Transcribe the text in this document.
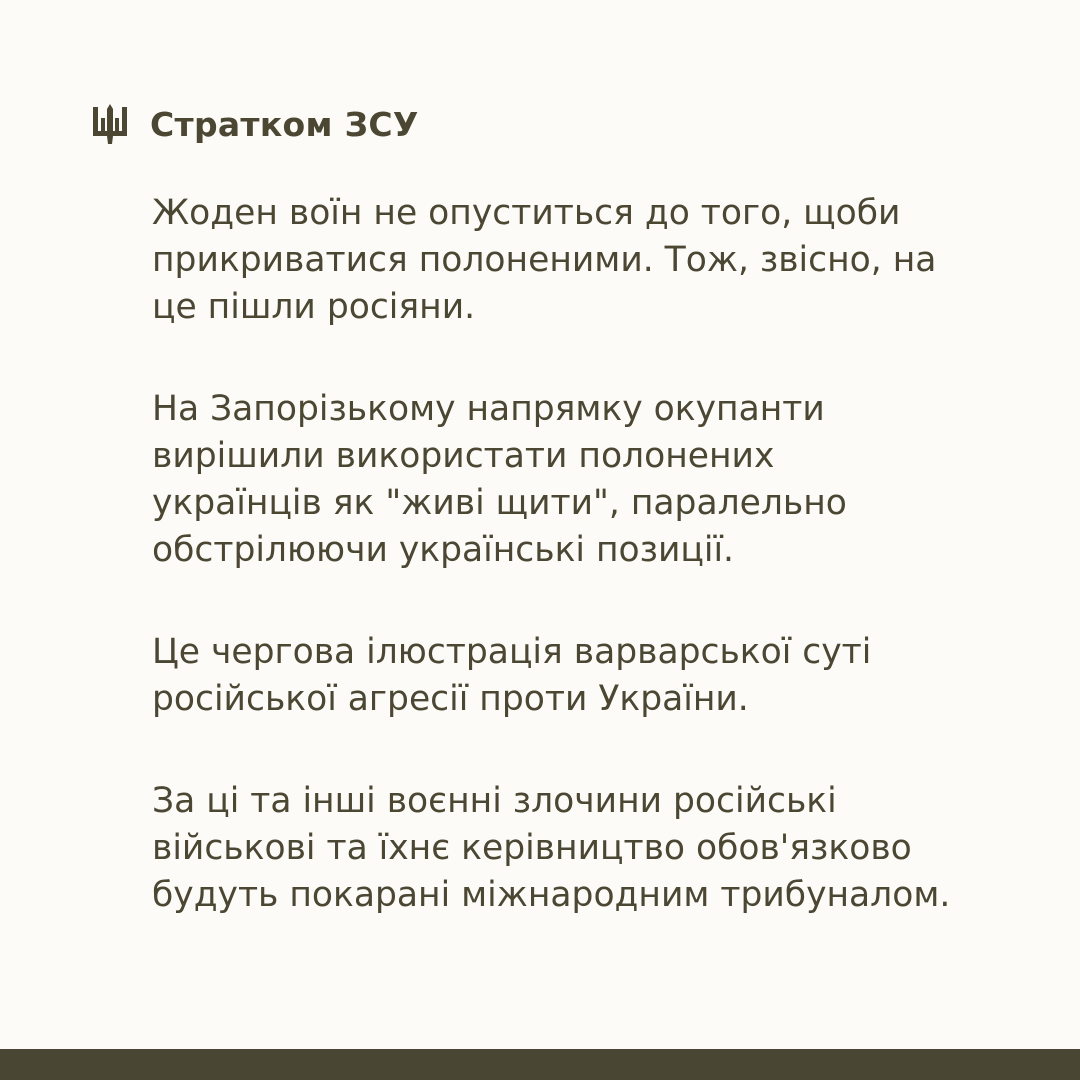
Стратком ЗСУ

Жоден воїн не опуститься до того, щоби
прикриватися полоненими. Тож, звісно, на
це пішли росіяни.

На Запорізькому напрямку окупанти
вирішили використати полонених
українців як "живі щити", паралельно
обстрілюючи українські позиції.

Це чергова ілюстрація варварської суті
російської агресії проти України.

За ці та інші воєнні злочини російські
військові та їхнє керівництво обов'язково
будуть покарані міжнародним трибуналом.
